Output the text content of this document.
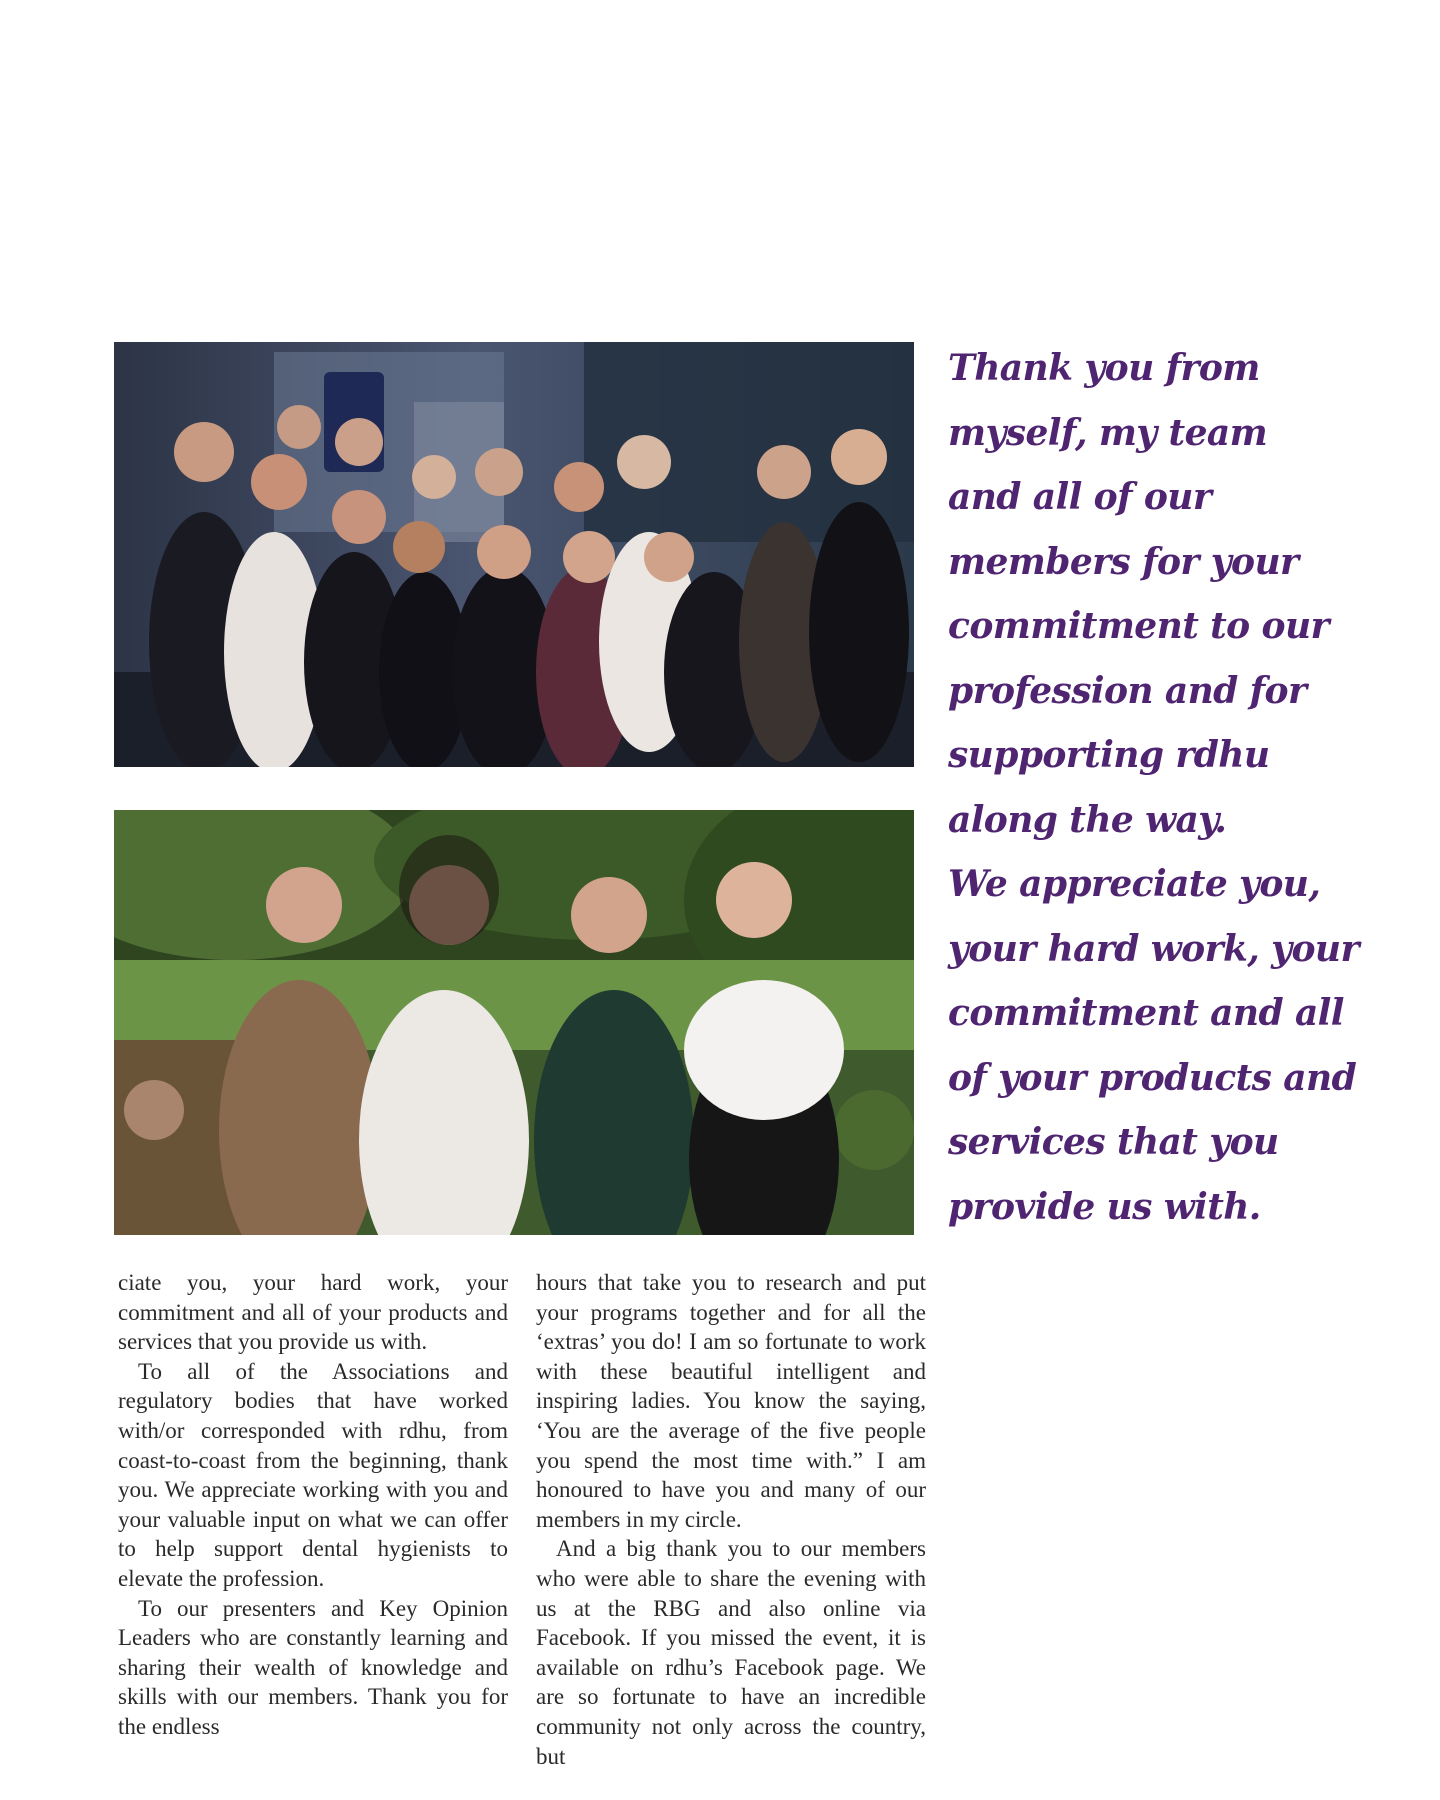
Thank you from

myself, my team

and all of our

members for your

commitment to our

profession and for

supporting rdhu

along the way.

We appreciate you,

your hard work, your

commitment and all

of your products and

services that you

provide us with.

ciate you, your hard work, your commitment and all of your products and services that you provide us with.

To all of the Associations and regulatory bodies that have worked with/or corresponded with rdhu, from coast-to-coast from the beginning, thank you. We appreciate working with you and your valuable input on what we can offer to help support dental hygienists to elevate the profession.

To our presenters and Key Opinion Leaders who are constantly learning and sharing their wealth of knowledge and skills with our members. Thank you for the endless

hours that take you to research and put your programs together and for all the ‘extras’ you do! I am so fortunate to work with these beautiful intelligent and inspiring ladies. You know the saying, ‘You are the average of the five people you spend the most time with.” I am honoured to have you and many of our members in my circle.

And a big thank you to our members who were able to share the evening with us at the RBG and also online via Facebook. If you missed the event, it is available on rdhu’s Facebook page. We are so fortunate to have an incredible community not only across the country, but
